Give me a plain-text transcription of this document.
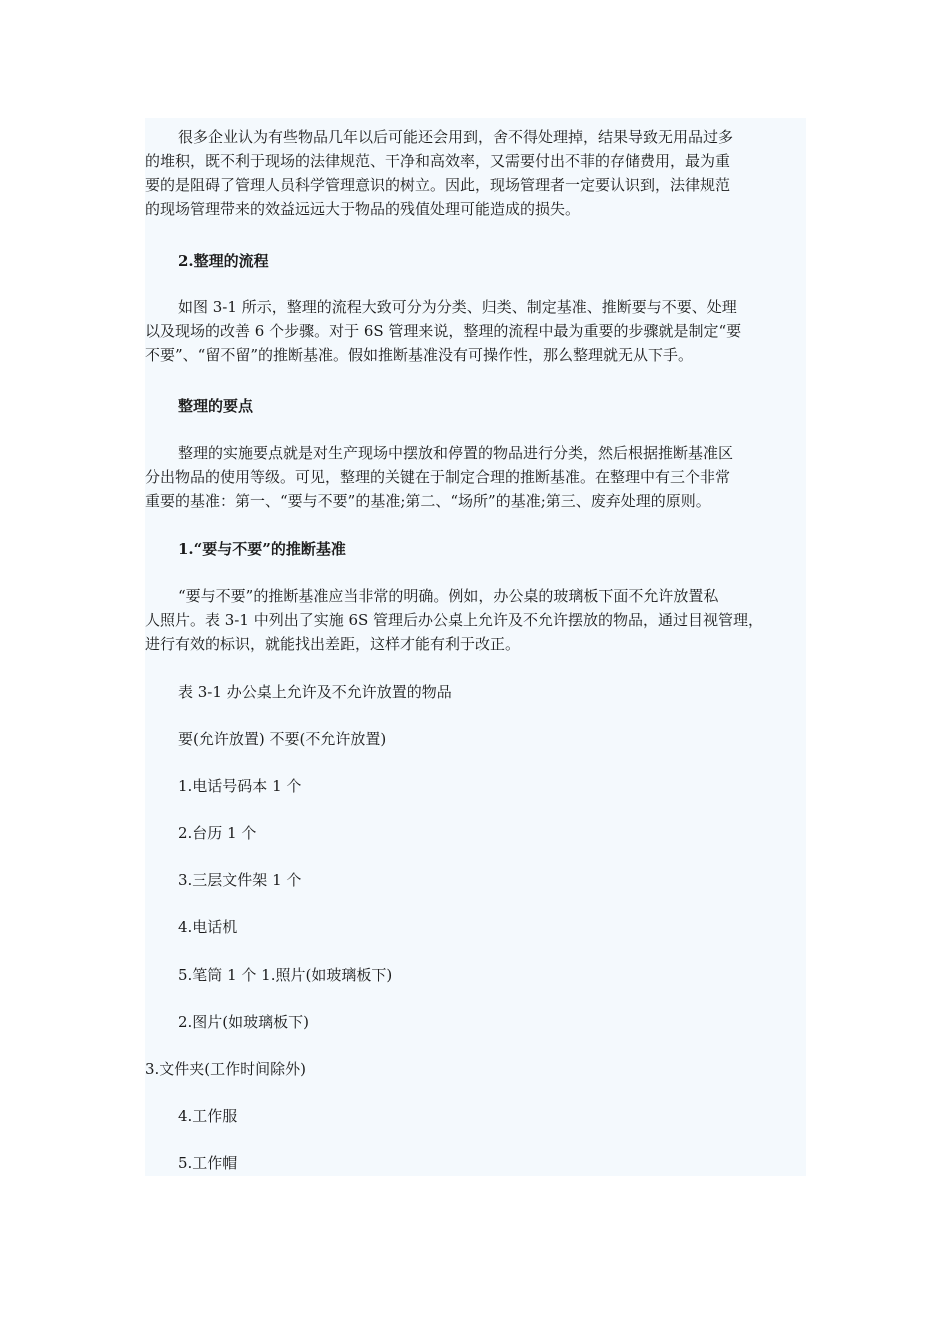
很多企业认为有些物品几年以后可能还会用到，舍不得处理掉，结果导致无用品过多
的堆积，既不利于现场的法律规范、干净和高效率，又需要付出不菲的存储费用，最为重
要的是阻碍了管理人员科学管理意识的树立。因此，现场管理者一定要认识到，法律规范
的现场管理带来的效益远远大于物品的残值处理可能造成的损失。
2.整理的流程
如图 3-1 所示，整理的流程大致可分为分类、归类、制定基准、推断要与不要、处理
以及现场的改善 6 个步骤。对于 6S 管理来说，整理的流程中最为重要的步骤就是制定“要
不要”、“留不留”的推断基准。假如推断基准没有可操作性，那么整理就无从下手。
整理的要点
整理的实施要点就是对生产现场中摆放和停置的物品进行分类，然后根据推断基准区
分出物品的使用等级。可见，整理的关键在于制定合理的推断基准。在整理中有三个非常
重要的基准：第一、“要与不要”的基准;第二、“场所”的基准;第三、废弃处理的原则。
1.“要与不要”的推断基准
“要与不要”的推断基准应当非常的明确。例如，办公桌的玻璃板下面不允许放置私
人照片。表 3-1 中列出了实施 6S 管理后办公桌上允许及不允许摆放的物品，通过目视管理，
进行有效的标识，就能找出差距，这样才能有利于改正。
表 3-1 办公桌上允许及不允许放置的物品
要(允许放置) 不要(不允许放置)
1.电话号码本 1 个
2.台历 1 个
3.三层文件架 1 个
4.电话机
5.笔筒 1 个 1.照片(如玻璃板下)
2.图片(如玻璃板下)
3.文件夹(工作时间除外)
4.工作服
5.工作帽
